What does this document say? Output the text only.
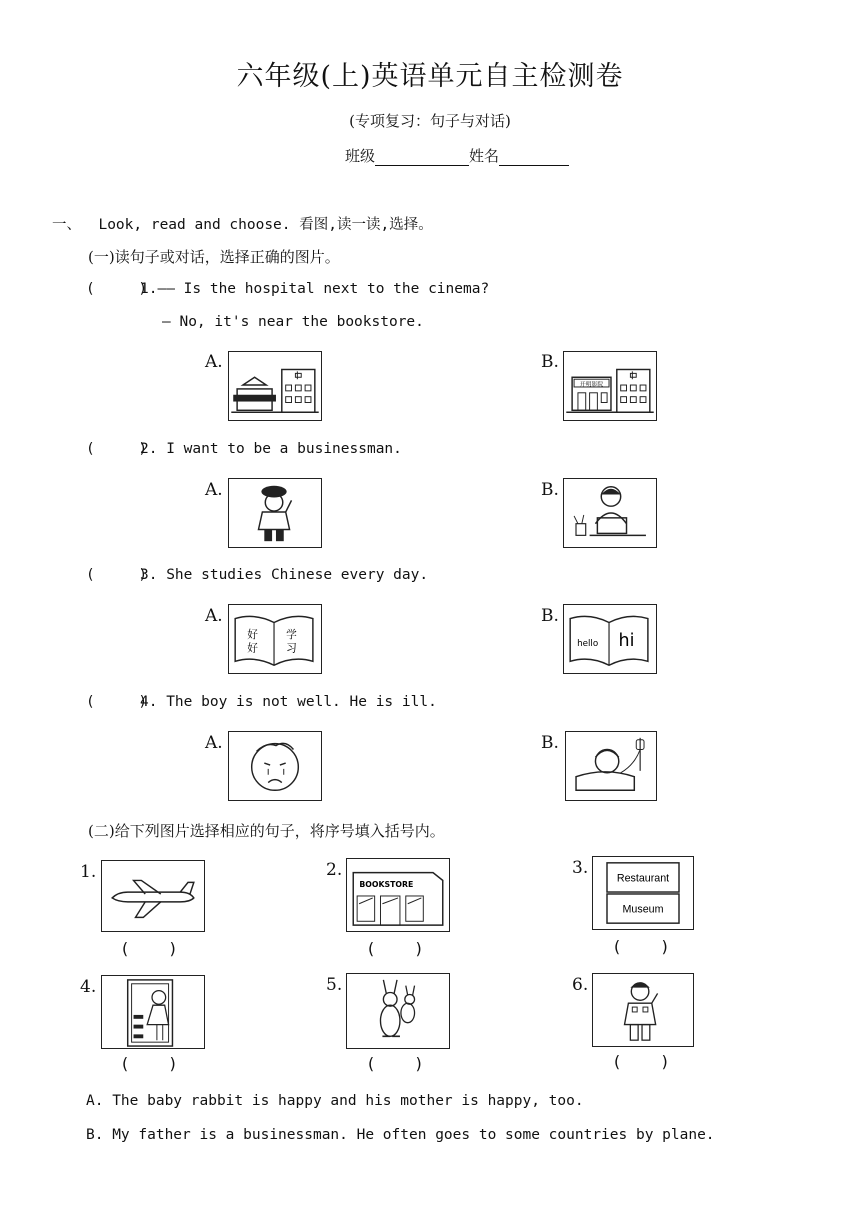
六年级(上)英语单元自主检测卷
(专项复习：句子与对话)
班级	姓名
一、  Look, read and choose. 看图,读一读,选择。
(一)读句子或对话，选择正确的图片。
(     )
1.—— Is the hospital next to the cinema?
— No, it's near the bookstore.
A.	B.
开明影院
(     )
2. I want to be a businessman.
A.	B.
(     )
3. She studies Chinese every day.
A.
好	学
好	习
B.
hello hi
(     )
4. The boy is not well. He is ill.
A.	B.
(二)给下列图片选择相应的句子，将序号填入括号内。
1.
(    )
2.
BOOKSTORE
(    )
3.
Restaurant
Museum
(    )
4.
(    )
5.
(    )
6.
(    )
A. The baby rabbit is happy and his mother is happy, too.
B. My father is a businessman. He often goes to some countries by plane.
